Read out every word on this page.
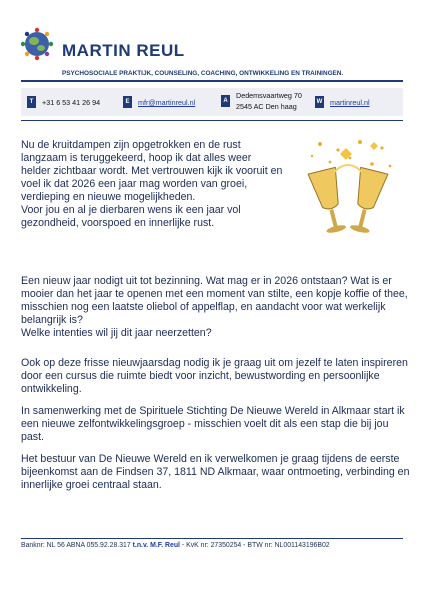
MARTIN REUL
PSYCHOSOCIALE PRAKTIJK, COUNSELING, COACHING, ONTWIKKELING EN TRAININGEN.
T	+31 6 53 41 26 94	E	mfr@martinreul.nl	A
Dedemsvaartweg 70
2545 AC Den haag	W martinreul.nl
Nu de kruitdampen zijn opgetrokken en de rust langzaam is teruggekeerd, hoop ik dat alles weer helder zichtbaar wordt. Met vertrouwen kijk ik vooruit en voel ik dat 2026 een jaar mag worden van groei, verdieping en nieuwe mogelijkheden.
Voor jou en al je dierbaren wens ik een jaar vol gezondheid, voorspoed en innerlijke rust.
Een nieuw jaar nodigt uit tot bezinning. Wat mag er in 2026 ontstaan? Wat is er mooier dan het jaar te openen met een moment van stilte, een kopje koffie of thee, misschien nog een laatste oliebol of appelflap, en aandacht voor wat werkelijk belangrijk is?
Welke intenties wil jij dit jaar neerzetten?
Ook op deze frisse nieuwjaarsdag nodig ik je graag uit om jezelf te laten inspireren door een cursus die ruimte biedt voor inzicht, bewustwording en persoonlijke ontwikkeling.
In samenwerking met de Spirituele Stichting De Nieuwe Wereld in Alkmaar start ik een nieuwe zelfontwikkelingsgroep - misschien voelt dit als een stap die bij jou past.
Het bestuur van De Nieuwe Wereld en ik verwelkomen je graag tijdens de eerste bijeenkomst aan de Findsen 37, 1811 ND Alkmaar, waar ontmoeting, verbinding en innerlijke groei centraal staan.
Banknr: NL 56 ABNA 055.92.28.317 t.n.v. M.F. Reul - KvK nr: 27350254 - BTW nr: NL001143196B02
